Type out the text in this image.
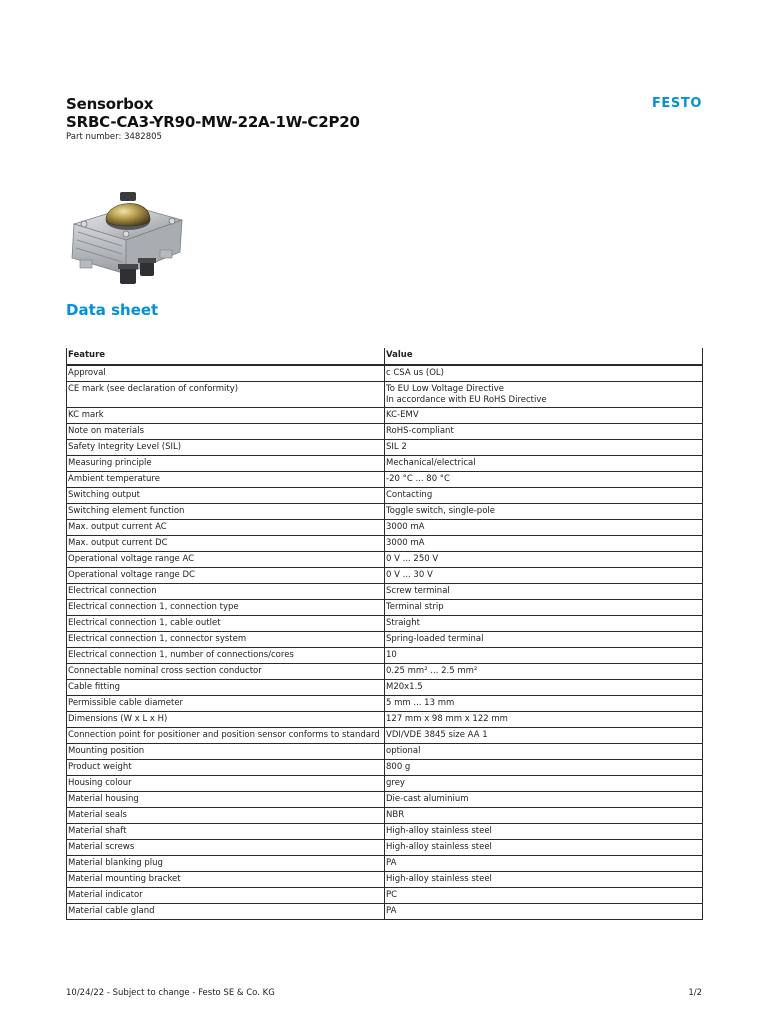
Sensorbox
SRBC-CA3-YR90-MW-22A-1W-C2P20
Part number: 3482805
FESTO
Data sheet
Feature	Value
Approval	c CSA us (OL)

CE mark (see declaration of conformity)	To EU Low Voltage Directive
In accordance with EU RoHS Directive

KC mark	KC-EMV

Note on materials	RoHS-compliant

Safety Integrity Level (SIL)	SIL 2

Measuring principle	Mechanical/electrical

Ambient temperature	-20 °C ... 80 °C

Switching output	Contacting

Switching element function	Toggle switch, single-pole

Max. output current AC	3000 mA

Max. output current DC	3000 mA

Operational voltage range AC	0 V ... 250 V

Operational voltage range DC	0 V ... 30 V

Electrical connection	Screw terminal

Electrical connection 1, connection type	Terminal strip

Electrical connection 1, cable outlet	Straight

Electrical connection 1, connector system	Spring-loaded terminal

Electrical connection 1, number of connections/cores	10

Connectable nominal cross section conductor	0.25 mm² ... 2.5 mm²

Cable fitting	M20x1.5

Permissible cable diameter	5 mm ... 13 mm

Dimensions (W x L x H)	127 mm x 98 mm x 122 mm

Connection point for positioner and position sensor conforms to standard	VDI/VDE 3845 size AA 1

Mounting position	optional

Product weight	800 g

Housing colour	grey

Material housing	Die-cast aluminium

Material seals	NBR

Material shaft	High-alloy stainless steel

Material screws	High-alloy stainless steel

Material blanking plug	PA

Material mounting bracket	High-alloy stainless steel

Material indicator	PC

Material cable gland	PA
10/24/22 - Subject to change - Festo SE & Co. KG	1/2
